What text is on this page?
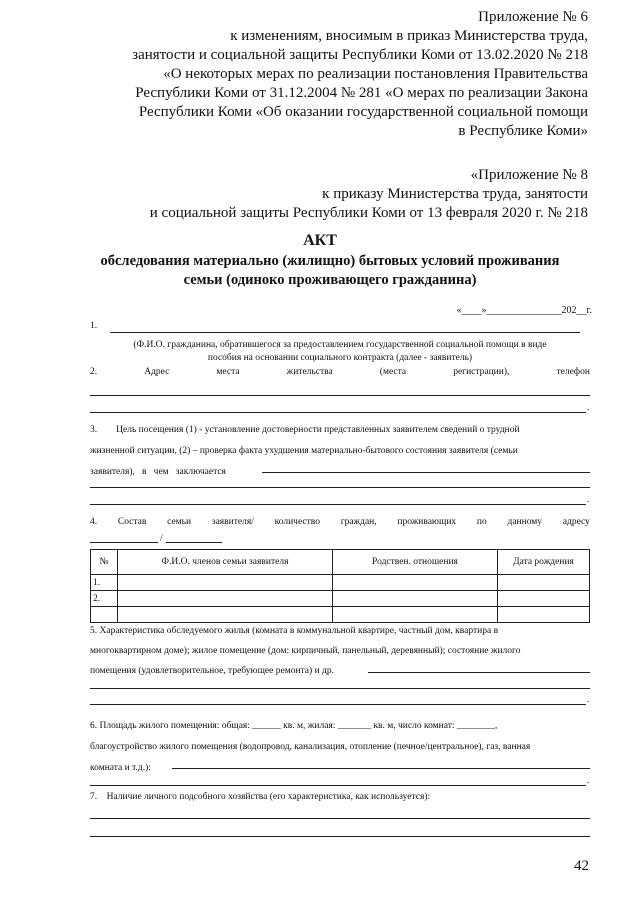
Приложение № 6
к изменениям, вносимым в приказ Министерства труда,
занятости и социальной защиты Республики Коми от 13.02.2020 № 218
«О некоторых мерах по реализации постановления Правительства
Республики Коми от 31.12.2004 № 281 «О мерах по реализации Закона
Республики Коми «Об оказании государственной социальной помощи
в Республике Коми»
«Приложение № 8
к приказу Министерства труда, занятости
и социальной защиты Республики Коми от 13 февраля 2020 г. № 218
АКТ
обследования материально (жилищно) бытовых условий проживания
семьи (одиноко проживающего гражданина)
«____»_______________202__г.
1.
(Ф.И.О. гражданина, обратившегося за предоставлением государственной социальной помощи в виде
пособия на основании социального контракта (далее - заявитель)
2.	Адрес	места	жительства	(места	регистрации),	телефон
.
3.        Цель посещения (1) - установление достоверности представленных заявителем сведений о трудной
жизненной ситуации, (2) – проверка факта ухудшения материально-бытового состояния заявителя (семьи
заявителя),   в   чем   заключается
.
4. Состав семьи заявителя/ количество граждан, проживающих по данному адресу
/
№	Ф.И.О. членов семьи заявителя	Родствен. отношения	Дата рождения
1.			
2.			

5. Характеристика обследуемого жилья (комната в коммунальной квартире, частный дом, квартира в
многоквартирном доме); жилое помещение (дом: кирпичный, панельный, деревянный); состояние жилого
помещения (удовлетворительное, требующее ремонта) и др.
.
6. Площадь жилого помещения: общая: ______ кв. м, жилая: _______ кв. м, число комнат: ________,
благоустройство жилого помещения (водопровод, канализация, отопление (печное/центральное), газ, ванная
комната и т.д.):
.
7.    Наличие личного подсобного хозяйства (его характеристика, как используется):
42
